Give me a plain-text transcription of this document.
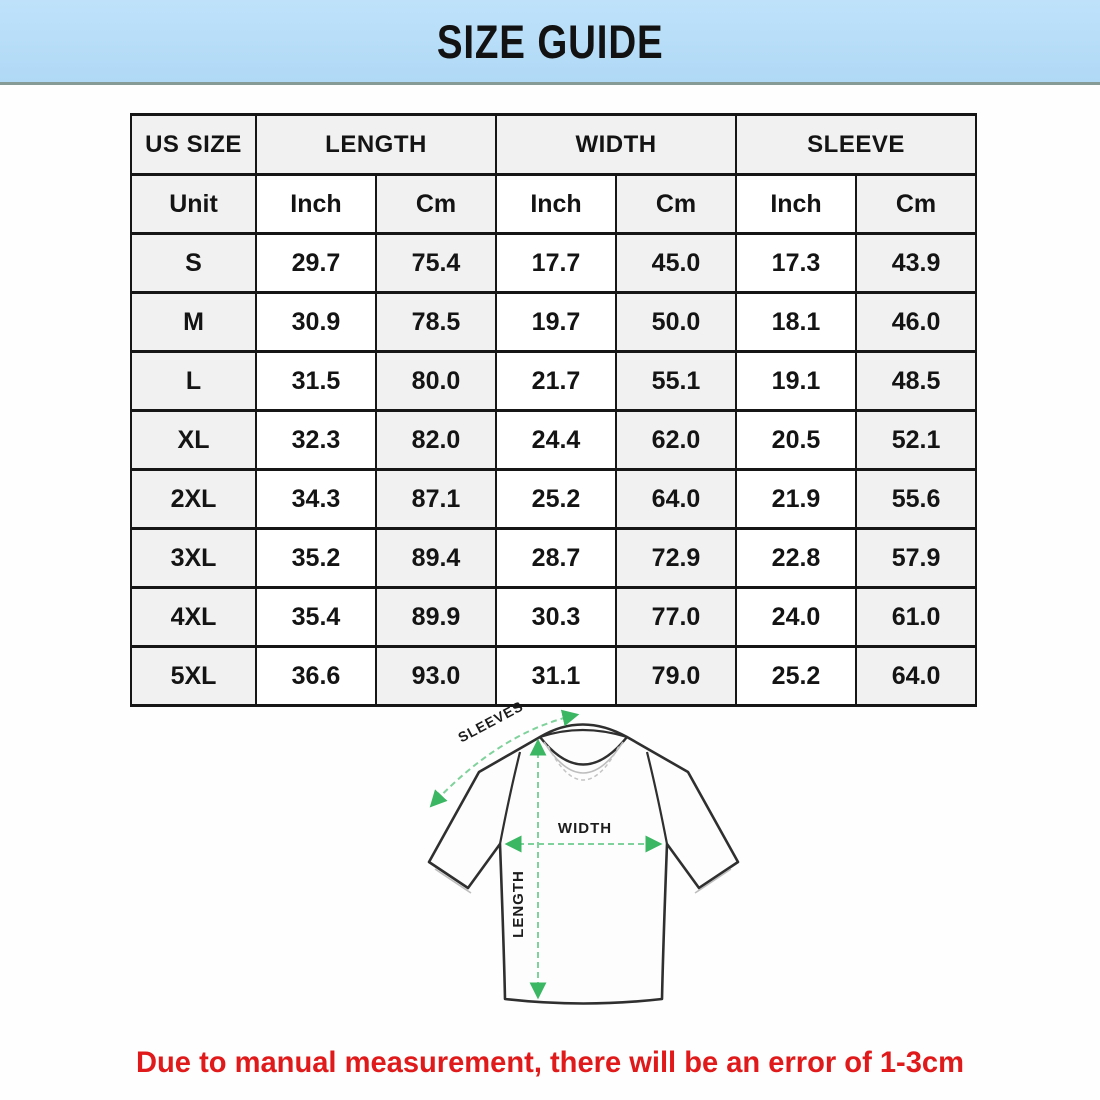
SIZE GUIDE
US SIZE	LENGTH		WIDTH		SLEEVE	
Unit	Inch	Cm	Inch	Cm	Inch	Cm
S	29.7	75.4	17.7	45.0	17.3	43.9
M	30.9	78.5	19.7	50.0	18.1	46.0
L	31.5	80.0	21.7	55.1	19.1	48.5
XL	32.3	82.0	24.4	62.0	20.5	52.1
2XL	34.3	87.1	25.2	64.0	21.9	55.6
3XL	35.2	89.4	28.7	72.9	22.8	57.9
4XL	35.4	89.9	30.3	77.0	24.0	61.0
5XL	36.6	93.0	31.1	79.0	25.2	64.0
SLEEVES
WIDTH
LENGTH

Due to manual measurement, there will be an error of 1-3cm
